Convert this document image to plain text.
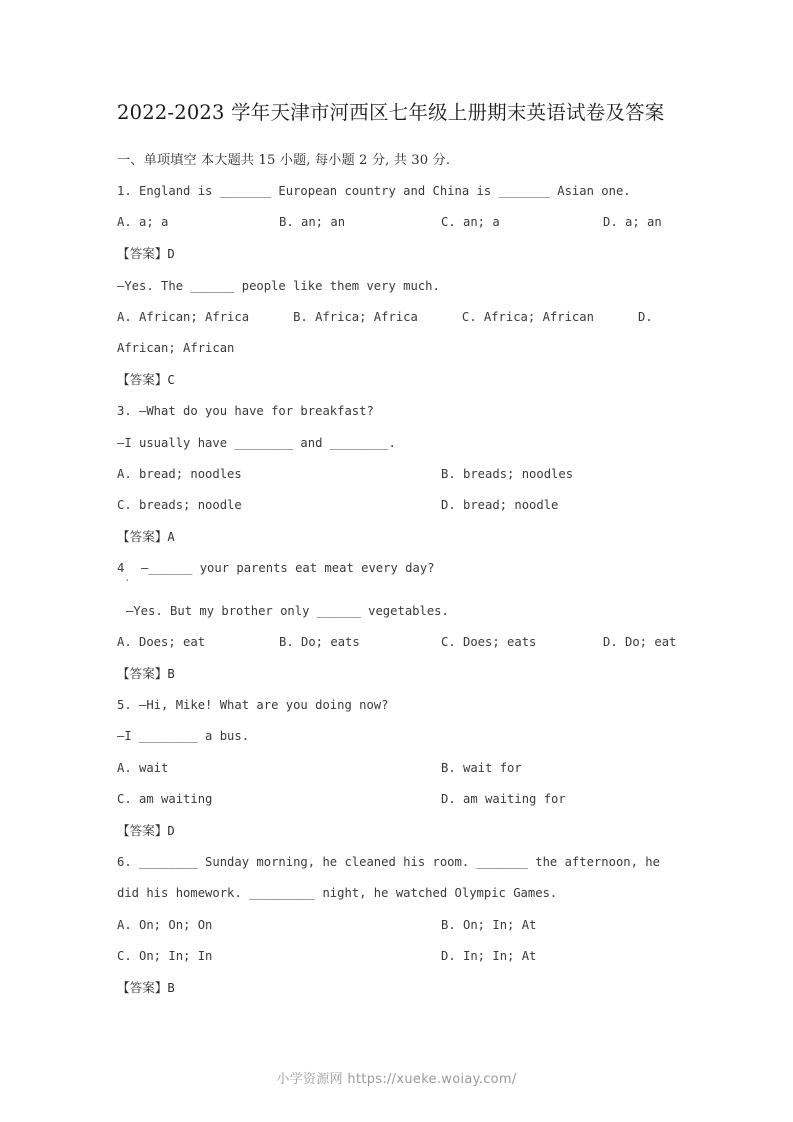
2022-2023 学年天津市河西区七年级上册期末英语试卷及答案
一、单项填空 本大题共 15 小题, 每小题 2 分, 共 30 分.
1. England is _______ European country and China is _______ Asian one.

A. a; a

	B. an; an

	C. an; a

	D. a; an

【答案】D
—Yes. The ______ people like them very much.
A. African; Africa      B. Africa; Africa      C. Africa; African      D. African; African
【答案】C
3. —What do you have for breakfast?
—I usually have ________ and ________.

A. bread; noodles

	B. breads; noodles

C. breads; noodle

	D. bread; noodle

【答案】A
4
.
—______ your parents eat meat every day?
—Yes. But my brother only ______ vegetables.

A. Does; eat

	B. Do; eats

	C. Does; eats

	D. Do; eat

【答案】B
5. —Hi, Mike! What are you doing now?
—I ________ a bus.

A. wait

	B. wait for

C. am waiting

	D. am waiting for

【答案】D
6. ________ Sunday morning, he cleaned his room. _______ the afternoon, he did his homework. _________ night, he watched Olympic Games.

A. On; On; On

	B. On; In; At

C. On; In; In

	D. In; In; At

【答案】B
小学资源网 https://xueke.woiay.com/
